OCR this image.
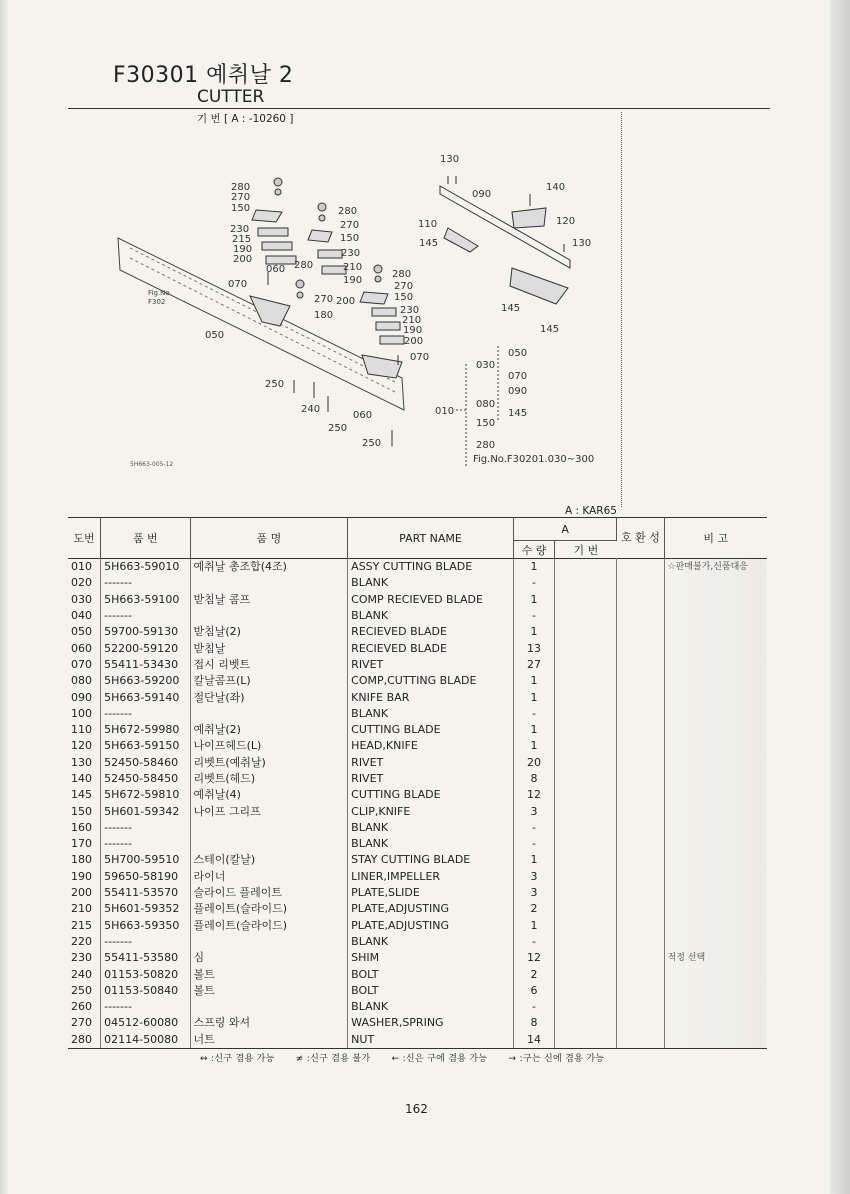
F30301 예취날 2
CUTTER
기 번 [ A : -10260 ]
280
270
150
230
215
190
200
060
070
050
280
270
150
230
210
190
280
270 200
180
280
270
150
230
210
190
200
070
250
240
060
250
250
130
090
140
110	120
145	130
145
145
030
050
070
090
080
145
010
150
280
Fig.No
F302
5H663-005-12	Fig.No.F30201.030~300
A : KAR65
도번	품 번	품 명	PART NAME	A		호 환 성	비 고
				수 량	기 번		
010	5H663-59010	예취날 총조합(4조)	ASSY CUTTING BLADE	1			☆판매불가,신품대응
020	-------		BLANK	-			
030	5H663-59100	받침날 콤프	COMP RECIEVED BLADE	1			
040	-------		BLANK	-			
050	59700-59130	받침날(2)	RECIEVED BLADE	1			
060	52200-59120	받침날	RECIEVED BLADE	13			
070	55411-53430	접시 리벳트	RIVET	27			
080	5H663-59200	칼날콤프(L)	COMP,CUTTING BLADE	1			
090	5H663-59140	절단날(좌)	KNIFE BAR	1			
100	-------		BLANK	-			
110	5H672-59980	예취날(2)	CUTTING BLADE	1			
120	5H663-59150	나이프헤드(L)	HEAD,KNIFE	1			
130	52450-58460	리벳트(예취날)	RIVET	20			
140	52450-58450	리벳트(헤드)	RIVET	8			
145	5H672-59810	예취날(4)	CUTTING BLADE	12			
150	5H601-59342	나이프 그리프	CLIP,KNIFE	3			
160	-------		BLANK	-			
170	-------		BLANK	-			
180	5H700-59510	스테이(칼날)	STAY CUTTING BLADE	1			
190	59650-58190	라이너	LINER,IMPELLER	3			
200	55411-53570	슬라이드 플레이트	PLATE,SLIDE	3			
210	5H601-59352	플레이트(슬라이드)	PLATE,ADJUSTING	2			
215	5H663-59350	플레이트(슬라이드)	PLATE,ADJUSTING	1			
220	-------		BLANK	-			
230	55411-53580	심	SHIM	12			적정 선택
240	01153-50820	볼트	BOLT	2			
250	01153-50840	볼트	BOLT	6			
260	-------		BLANK	-			
270	04512-60080	스프링 와셔	WASHER,SPRING	8			
280	02114-50080	너트	NUT	14			
↔ :신구 겸용 가능 ≠ :신구 겸용 불가 ← :신은 구에 겸용 가능 → :구는 신에 겸용 가능
162
